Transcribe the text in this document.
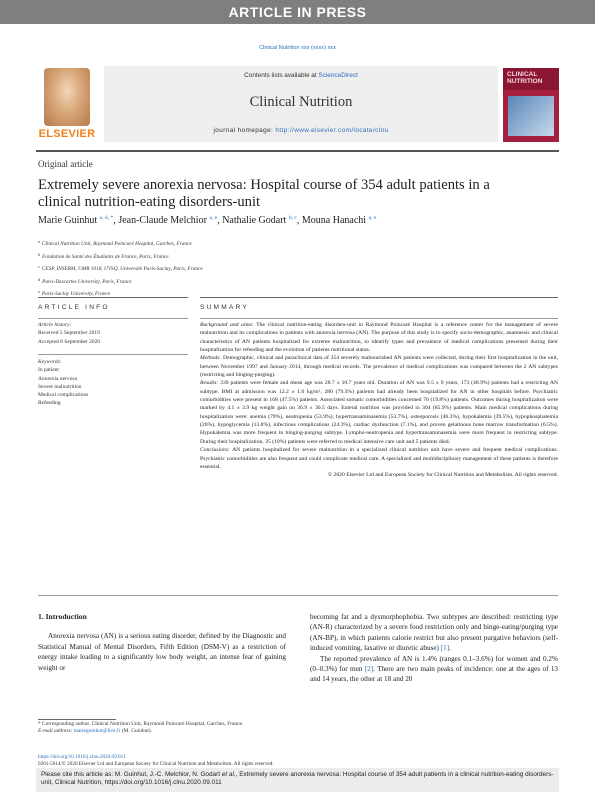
ARTICLE IN PRESS
Clinical Nutrition xxx (xxxx) xxx
ELSEVIER
Contents lists available at ScienceDirect
Clinical Nutrition
journal homepage: http://www.elsevier.com/locate/clnu
CLINICAL NUTRITION
Original article
Extremely severe anorexia nervosa: Hospital course of 354 adult patients in a clinical nutrition-eating disorders-unit
Marie Guinhut $^{a, d, *}$, Jean-Claude Melchior $^{a, e}$, Nathalie Godart $^{b, c}$, Mouna Hanachi $^{a, e}$
$^a$ Clinical Nutrition Unit, Raymond Poincaré Hospital, Garches, France
$^b$ Fondation de Santé des Étudiants de France, Paris, France
$^c$ CESP, INSERM, UMR 1018, UVSQ, Université Paris-Saclay, Paris, France
$^d$ Paris-Descartes University, Paris, France
$^e$ Paris-Saclay University, France
ARTICLE INFO	SUMMARY
Article history:
Received 5 September 2019
Accepted 8 September 2020
Keywords:
In patient
Anorexia nervosa
Severe malnutrition
Medical complications
Refeeding

Background and aims: The clinical nutrition-eating disorders-unit in Raymond Poincaré Hospital is a reference center for the management of severe malnutrition and its complications in patients with anorexia nervosa (AN). The purpose of this study is to specify socio-demographic, anamnesic and clinical characteristics of AN patients hospitalized for extreme malnutrition, to identify types and prevalence of medical complications presented during their hospitalization for refeeding and the evolution of patients nutritional status.

Methods: Demographic, clinical and paraclinical data of 354 severely malnourished AN patients were collected, during their first hospitalization in the unit, between November 1997 and January 2014, through medical records. The prevalence of medical complications was compared between the 2 AN subtypes (restricting and binging-purging).

Results: 339 patients were female and mean age was 28.7 ± 10.7 years old. Duration of AN was 9.5 ± 9 years, 173 (48.9%) patients had a restricting AN subtype. BMI at admission was 12.2 ± 1.6 kg/m², 280 (79.3%) patients had already been hospitalized for AN in other hospitals before. Psychiatric comorbidities were present in 168 (47.5%) patients. Associated somatic comorbidities concerned 70 (19.8%) patients. Outcomes during hospitalization were marked by 4.1 ± 3.9 kg weight gain on 36.9 ± 30.5 days. Enteral nutrition was provided in 304 (85.9%) patients. Main medical complications during hospitalization were: anemia (79%), neutropenia (53.9%), hypertransaminasemia (53.7%), osteoporosis (46.3%), hypokalemia (39.5%), hypophosphatemia (26%), hypoglycemia (13.8%), infectious complications (24.3%), cardiac dysfunction (7.1%), and proven gelatinous bone marrow transformation (6.5%). Hypokalemia was more frequent in binging-purging subtype. Lympho-neutropenia and hypertransaminasemia were more frequent in restricting subtype. During their hospitalization, 35 (10%) patients were referred to medical intensive care unit and 5 patients died.

Conclusions: AN patients hospitalized for severe malnutrition in a specialized clinical nutrition unit have severe and frequent medical complications. Psychiatric comorbidities are also frequent and could complicate medical care. A specialized and multidisciplinary management of these patients is therefore essential.

© 2020 Elsevier Ltd and European Society for Clinical Nutrition and Metabolism. All rights reserved.

1. Introduction

Anorexia nervosa (AN) is a serious eating disorder, defined by the Diagnostic and Statistical Manual of Mental Disorders, Fifth Edition (DSM-V) as a restriction of energy intake leading to a significantly low body weight, an intense fear of gaining weight or

becoming fat and a dysmorphophobia. Two subtypes are described: restricting type (AN-R) characterized by a severe food restriction only and binge-eating/purging type (AN-BP), in which patients calorie restrict but also present purgative behaviors (self-induced vomiting, laxative or diuretic abuse) [1].

The reported prevalence of AN is 1.4% (ranges 0.1–3.6%) for women and 0.2% (0–0.3%) for men [2]. There are two main peaks of incidence: one at the ages of 13 and 14 years, the other at 18 and 20

* Corresponding author. Clinical Nutrition Unit, Raymond Poincaré Hospital, Garches, France.
E-mail address: marieguinhut@live.fr (M. Guinhut).
https://doi.org/10.1016/j.clnu.2020.09.011
0261-5614/© 2020 Elsevier Ltd and European Society for Clinical Nutrition and Metabolism. All rights reserved.
Please cite this article as: M. Guinhut, J.-C. Melchior, N. Godart et al., Extremely severe anorexia nervosa: Hospital course of 354 adult patients in a clinical nutrition-eating disorders-unit, Clinical Nutrition, https://doi.org/10.1016/j.clnu.2020.09.011
